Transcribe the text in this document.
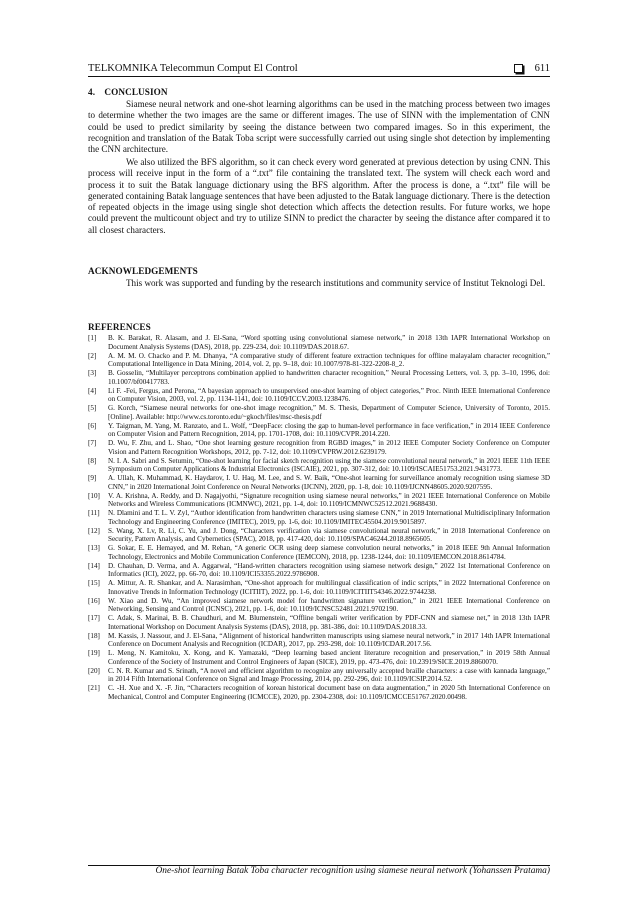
TELKOMNIKA Telecommun Comput El Control	611
4. CONCLUSION

Siamese neural network and one-shot learning algorithms can be used in the matching process between two images to determine whether the two images are the same or different images. The use of SINN with the implementation of CNN could be used to predict similarity by seeing the distance between two compared images. So in this experiment, the recognition and translation of the Batak Toba script were successfully carried out using single shot detection by implementing the CNN architecture.

We also utilized the BFS algorithm, so it can check every word generated at previous detection by using CNN. This process will receive input in the form of a “.txt” file containing the translated text. The system will check each word and process it to suit the Batak language dictionary using the BFS algorithm. After the process is done, a “.txt” file will be generated containing Batak language sentences that have been adjusted to the Batak language dictionary. There is the detection of repeated objects in the image using single shot detection which affects the detection results. For future works, we hope could prevent the multicount object and try to utilize SINN to predict the character by seeing the distance after compared it to all closest characters.

ACKNOWLEDGEMENTS

This work was supported and funding by the research institutions and community service of Institut Teknologi Del.

REFERENCES
[1]	B. K. Barakat, R. Alasam, and J. El-Sana, “Word spotting using convolutional siamese network,” in 2018 13th IAPR International Workshop on Document Analysis Systems (DAS), 2018, pp. 229-234, doi: 10.1109/DAS.2018.67.
[2]	A. M. M. O. Chacko and P. M. Dhanya, “A comparative study of different feature extraction techniques for offline malayalam character recognition,” Computational Intelligence in Data Mining, 2014, vol. 2, pp. 9–18, doi: 10.1007/978-81-322-2208-8_2.
[3]	B. Gosselin, “Multilayer perceptrons combination applied to handwritten character recognition,” Neural Processing Letters, vol. 3, pp. 3–10, 1996, doi: 10.1007/bf00417783.
[4]	Li F. -Fei, Fergus, and Perona, “A bayesian approach to unsupervised one-shot learning of object categories,” Proc. Ninth IEEE International Conference on Computer Vision, 2003, vol. 2, pp. 1134-1141, doi: 10.1109/ICCV.2003.1238476.
[5]	G. Korch, “Siamese neural networks for one-shot image recognition,” M. S. Thesis, Department of Computer Science, University of Toronto, 2015. [Online]. Available: http://www.cs.toronto.edu/~gkoch/files/msc-thesis.pdf
[6]	Y. Taigman, M. Yang, M. Ranzato, and L. Wolf, “DeepFace: closing the gap to human-level performance in face verification,” in 2014 IEEE Conference on Computer Vision and Pattern Recognition, 2014, pp. 1701-1708, doi: 10.1109/CVPR.2014.220.
[7]	D. Wu, F. Zhu, and L. Shao, “One shot learning gesture recognition from RGBD images,” in 2012 IEEE Computer Society Conference on Computer Vision and Pattern Recognition Workshops, 2012, pp. 7-12, doi: 10.1109/CVPRW.2012.6239179.
[8]	N. I. A. Sabri and S. Setumin, “One-shot learning for facial sketch recognition using the siamese convolutional neural network,” in 2021 IEEE 11th IEEE Symposium on Computer Applications & Industrial Electronics (ISCAIE), 2021, pp. 307-312, doi: 10.1109/ISCAIE51753.2021.9431773.
[9]	A. Ullah, K. Muhammad, K. Haydarov, I. U. Haq, M. Lee, and S. W. Baik, “One-shot learning for surveillance anomaly recognition using siamese 3D CNN,” in 2020 International Joint Conference on Neural Networks (IJCNN), 2020, pp. 1-8, doi: 10.1109/IJCNN48605.2020.9207595.
[10]	V. A. Krishna, A. Reddy, and D. Nagajyothi, “Signature recognition using siamese neural networks,” in 2021 IEEE International Conference on Mobile Networks and Wireless Communications (ICMNWC), 2021, pp. 1-4, doi: 10.1109/ICMNWC52512.2021.9688430.
[11]	N. Dlamini and T. L. V. Zyl, “Author identification from handwritten characters using siamese CNN,” in 2019 International Multidisciplinary Information Technology and Engineering Conference (IMITEC), 2019, pp. 1-6, doi: 10.1109/IMITEC45504.2019.9015897.
[12]	S. Wang, X. Lv, R. Li, C. Yu, and J. Dong, “Characters verification via siamese convolutional neural network,” in 2018 International Conference on Security, Pattern Analysis, and Cybernetics (SPAC), 2018, pp. 417-420, doi: 10.1109/SPAC46244.2018.8965605.
[13]	G. Sokar, E. E. Hemayed, and M. Rehan, “A generic OCR using deep siamese convolution neural networks,” in 2018 IEEE 9th Annual Information Technology, Electronics and Mobile Communication Conference (IEMCON), 2018, pp. 1238-1244, doi: 10.1109/IEMCON.2018.8614784.
[14]	D. Chauhan, D. Verma, and A. Aggarwal, “Hand-written characters recognition using siamese network design,” 2022 1st International Conference on Informatics (ICI), 2022, pp. 66-70, doi: 10.1109/ICI53355.2022.9786908.
[15]	A. Mittur, A. R. Shankar, and A. Narasimhan, “One-shot approach for multilingual classification of indic scripts,” in 2022 International Conference on Innovative Trends in Information Technology (ICITIIT), 2022, pp. 1-6, doi: 10.1109/ICITIIT54346.2022.9744238.
[16]	W. Xiao and D. Wu, “An improved siamese network model for handwritten signature verification,” in 2021 IEEE International Conference on Networking, Sensing and Control (ICNSC), 2021, pp. 1-6, doi: 10.1109/ICNSC52481.2021.9702190.
[17]	C. Adak, S. Marinai, B. B. Chaudhuri, and M. Blumenstein, “Offline bengali writer verification by PDF-CNN and siamese net,” in 2018 13th IAPR International Workshop on Document Analysis Systems (DAS), 2018, pp. 381-386, doi: 10.1109/DAS.2018.33.
[18]	M. Kassis, J. Nassour, and J. El-Sana, “Alignment of historical handwritten manuscripts using siamese neural network,” in 2017 14th IAPR International Conference on Document Analysis and Recognition (ICDAR), 2017, pp. 293-298, doi: 10.1109/ICDAR.2017.56.
[19]	L. Meng, N. Kamitoku, X. Kong, and K. Yamazaki, “Deep learning based ancient literature recognition and preservation,” in 2019 58th Annual Conference of the Society of Instrument and Control Engineers of Japan (SICE), 2019, pp. 473-476, doi: 10.23919/SICE.2019.8860070.
[20]	C. N. R. Kumar and S. Srinath, “A novel and efficient algorithm to recognize any universally accepted braille characters: a case with kannada language,” in 2014 Fifth International Conference on Signal and Image Processing, 2014, pp. 292-296, doi: 10.1109/ICSIP.2014.52.
[21]	C. -H. Xue and X. -F. Jin, “Characters recognition of korean historical document base on data augmentation,” in 2020 5th International Conference on Mechanical, Control and Computer Engineering (ICMCCE), 2020, pp. 2304-2308, doi: 10.1109/ICMCCE51767.2020.00498.
One-shot learning Batak Toba character recognition using siamese neural network (Yohanssen Pratama)
